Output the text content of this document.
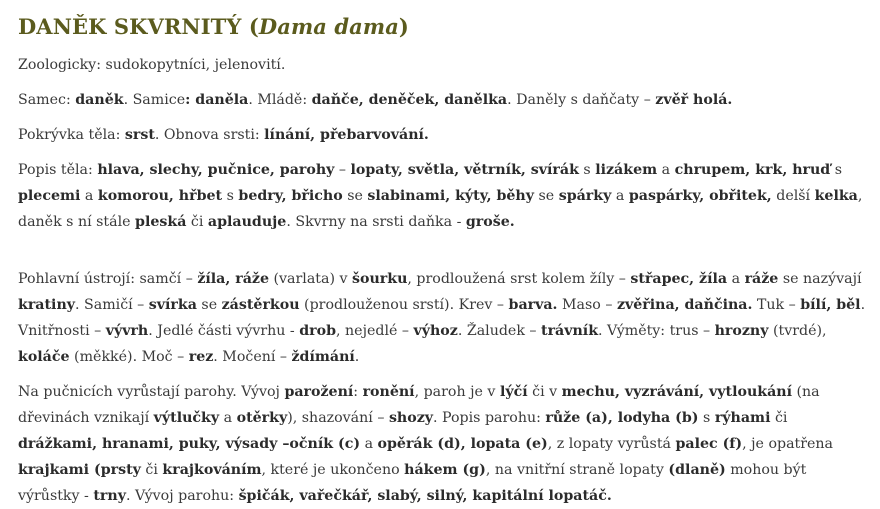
DANĚK SKVRNITÝ (Dama dama)

Zoologicky: sudokopytníci, jelenovití.

Samec: daněk. Samice: daněla. Mládě: daňče, deněček, danělka. Daněly s daňčaty – zvěř holá.

Pokrývka těla: srst. Obnova srsti: línání, přebarvování.

Popis těla: hlava, slechy, pučnice, parohy – lopaty, světla, větrník, svírák s lizákem a chrupem, krk, hruď s plecemi a komorou, hřbet s bedry, břicho se slabinami, kýty, běhy se spárky a paspárky, obřitek, delší kelka, daněk s ní stále pleská či aplauduje. Skvrny na srsti daňka - groše.

Pohlavní ústrojí: samčí – žíla, ráže (varlata) v šourku, prodloužená srst kolem žíly – střapec, žíla a ráže se nazývají kratiny. Samičí – svírka se zástěrkou (prodlouženou srstí). Krev – barva. Maso – zvěřina, daňčina. Tuk – bílí, běl. Vnitřnosti – vývrh. Jedlé části vývrhu - drob, nejedlé – výhoz. Žaludek – trávník. Výměty: trus – hrozny (tvrdé), koláče (měkké). Moč – rez. Močení – ždímání.

Na pučnicích vyrůstají parohy. Vývoj parožení: ronění, paroh je v lýčí či v mechu, vyzrávání, vytloukání (na dřevinách vznikají výtlučky a otěrky), shazování – shozy. Popis parohu: růže (a), lodyha (b) s rýhami či drážkami, hranami, puky, výsady –očník (c) a opěrák (d), lopata (e), z lopaty vyrůstá palec (f), je opatřena krajkami (prsty či krajkováním, které je ukončeno hákem (g), na vnitřní straně lopaty (dlaně) mohou být výrůstky - trny. Vývoj parohu: špičák, vařečkář, slabý, silný, kapitální lopatáč.
